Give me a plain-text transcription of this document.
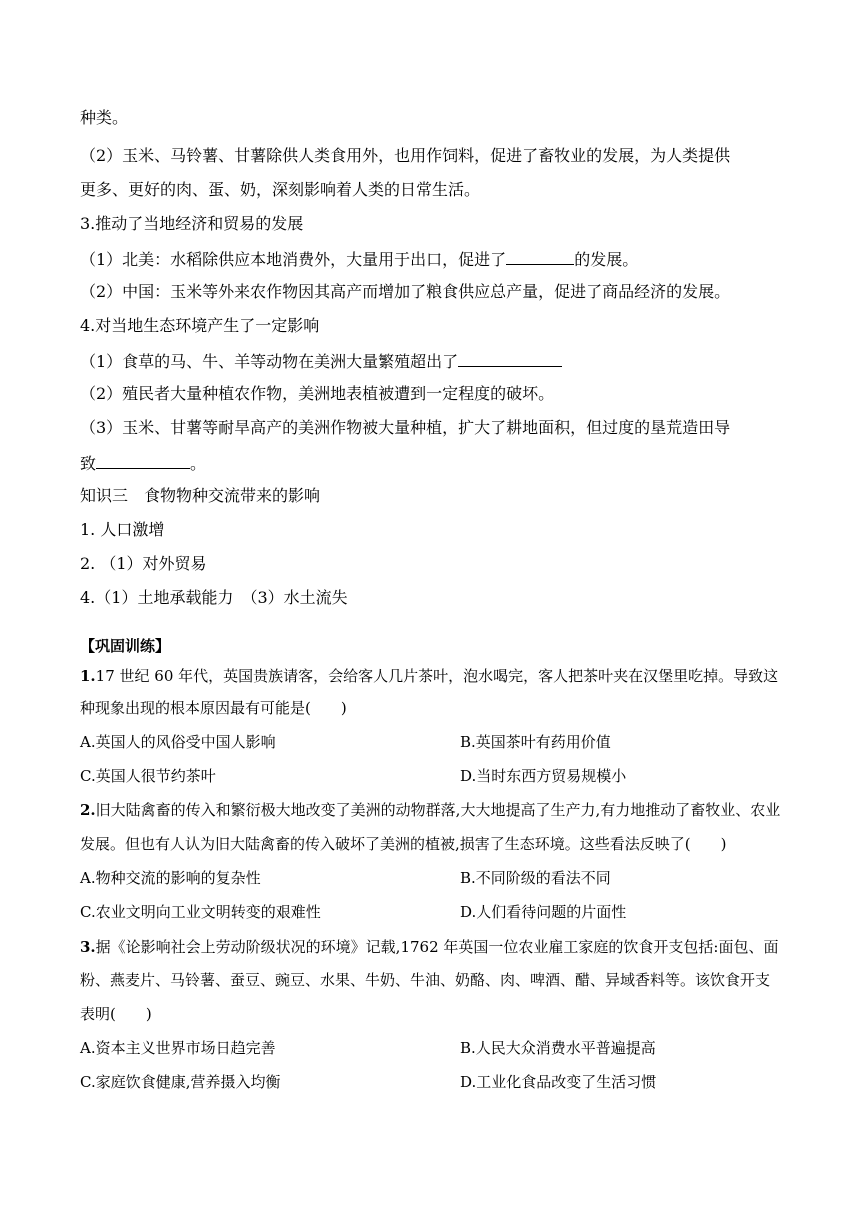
种类。
（2）玉米、马铃薯、甘薯除供人类食用外，也用作饲料，促进了畜牧业的发展，为人类提供
更多、更好的肉、蛋、奶，深刻影响着人类的日常生活。
3.推动了当地经济和贸易的发展
（1）北美：水稻除供应本地消费外，大量用于出口，促进了	的发展。
（2）中国：玉米等外来农作物因其高产而增加了粮食供应总产量，促进了商品经济的发展。
4.对当地生态环境产生了一定影响
（1）食草的马、牛、羊等动物在美洲大量繁殖超出了
（2）殖民者大量种植农作物，美洲地表植被遭到一定程度的破坏。
（3）玉米、甘薯等耐旱高产的美洲作物被大量种植，扩大了耕地面积，但过度的垦荒造田导
致	。
知识三　食物物种交流带来的影响
1. 人口激增
2. （1）对外贸易
4.（1）土地承载能力　（3）水土流失
【巩固训练】
1.17 世纪 60 年代，英国贵族请客，会给客人几片茶叶，泡水喝完，客人把茶叶夹在汉堡里吃掉。导致这
种现象出现的根本原因最有可能是(　　)
A.英国人的风俗受中国人影响	B.英国茶叶有药用价值
C.英国人很节约茶叶	D.当时东西方贸易规模小
2.旧大陆禽畜的传入和繁衍极大地改变了美洲的动物群落,大大地提高了生产力,有力地推动了畜牧业、农业
发展。但也有人认为旧大陆禽畜的传入破坏了美洲的植被,损害了生态环境。这些看法反映了(　　)
A.物种交流的影响的复杂性	B.不同阶级的看法不同
C.农业文明向工业文明转变的艰难性	D.人们看待问题的片面性
3.据《论影响社会上劳动阶级状况的环境》记载,1762 年英国一位农业雇工家庭的饮食开支包括:面包、面
粉、燕麦片、马铃薯、蚕豆、豌豆、水果、牛奶、牛油、奶酪、肉、啤酒、醋、异域香料等。该饮食开支
表明(　　)
A.资本主义世界市场日趋完善	B.人民大众消费水平普遍提高
C.家庭饮食健康,营养摄入均衡	D.工业化食品改变了生活习惯
